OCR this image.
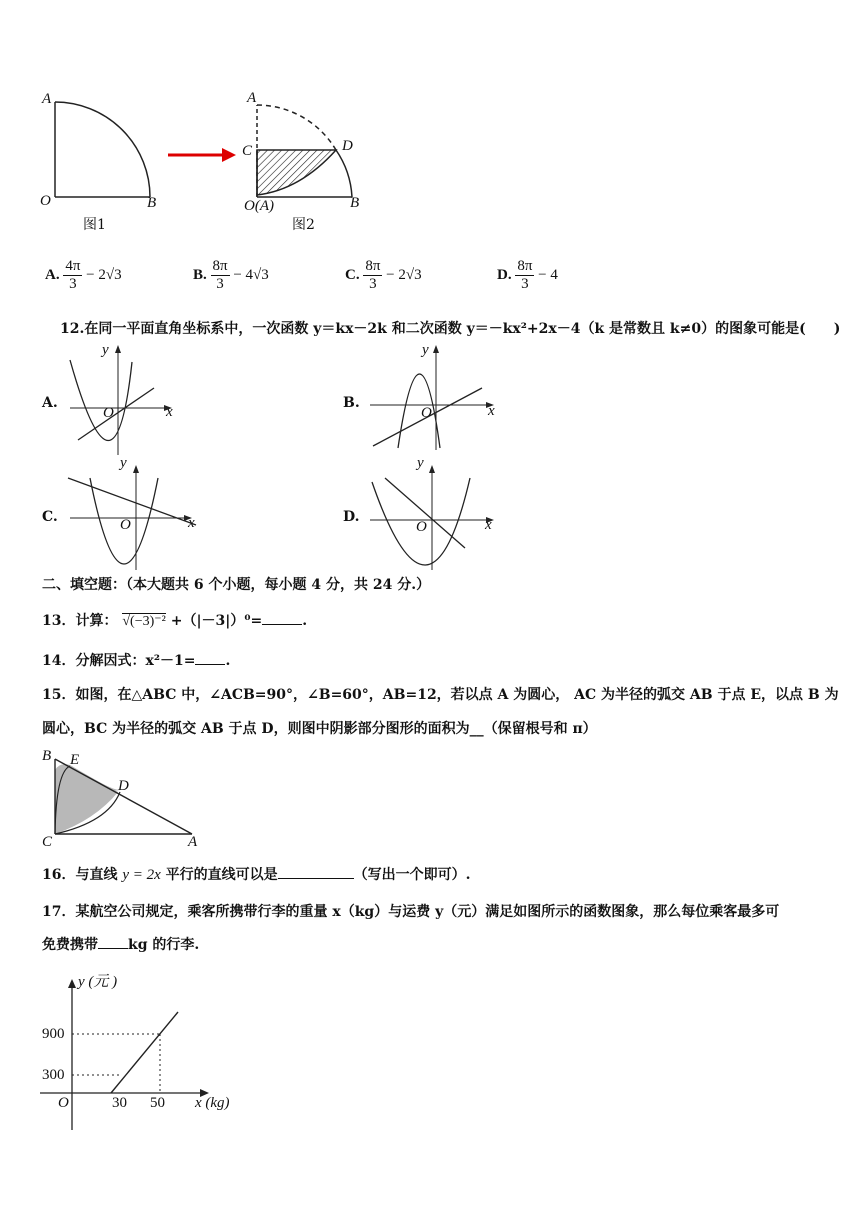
A
O	B
图1
A
C	D
O(A)	B
图2
A. $\frac{4\pi}{3} - 2√3$	B. $\frac{8\pi}{3} - 4√3$	C. $\frac{8\pi}{3} - 2√3$	D. $\frac{8\pi}{3} - 4$
12.在同一平面直角坐标系中，一次函数 y＝kx－2k 和二次函数 y＝－kx²+2x－4（k 是常数且 k≠0）的图象可能是(　　)
A.	B.
C.	D.
y
x
O
y
x
O
y
x
O
y
x
O
二、填空题：（本大题共 6 个小题，每小题 4 分，共 24 分.）
13．计算： √(−3)⁻² +（|－3|）⁰=	.
14．分解因式：x²－1= .
15．如图，在△ABC 中，∠ACB=90°，∠B=60°，AB=12，若以点 A 为圆心， AC 为半径的弧交 AB 于点 E，以点 B 为
圆心，BC 为半径的弧交 AB 于点 D，则图中阴影部分图形的面积为__（保留根号和 π）
B E
D
C	A
16．与直线 y = 2x 平行的直线可以是	（写出一个即可）.
17．某航空公司规定，乘客所携带行李的重量 x（kg）与运费 y（元）满足如图所示的函数图象，那么每位乘客最多可
免费携带 kg 的行李.
y (元 )
x (kg)
O
900
300
30 50
